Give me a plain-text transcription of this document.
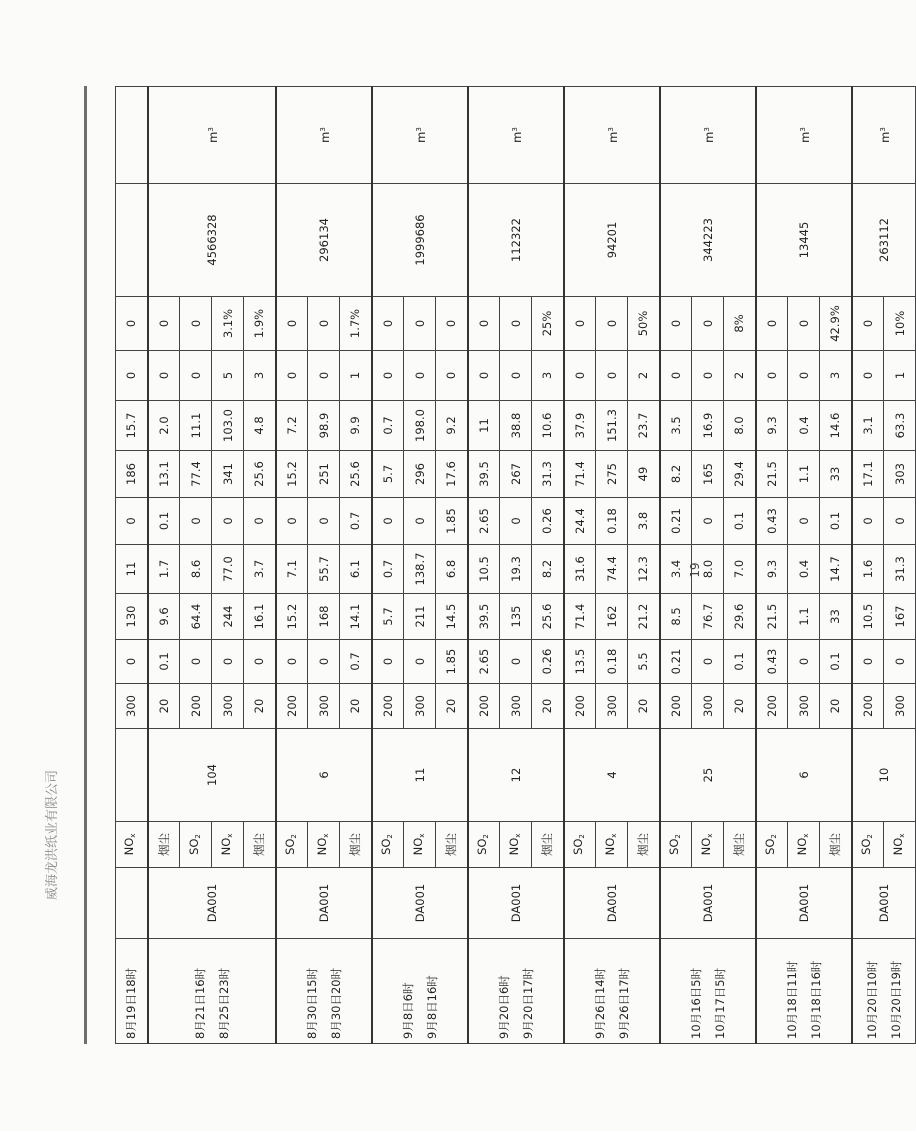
威海龙洪纸业有限公司
19
8月19日18时		$NO_x$		300	0	130	11	0	186	15.7	0	0		

8月21日16时 8月25日23时	DA001	烟尘	104	20	0.1	9.6	1.7	0.1	13.1	2.0	0	0	4566328	$m^3$
		$SO_2$		200	0	64.4	8.6	0	77.4	11.1	0	0		
		$NO_x$		300	0	244	77.0	0	341	103.0	5	3.1%		
		烟尘		20	0	16.1	3.7	0	25.6	4.8	3	1.9%		

8月30日15时 8月30日20时	DA001	$SO_2$	6	200	0	15.2	7.1	0	15.2	7.2	0	0	296134	$m^3$
		$NO_x$		300	0	168	55.7	0	251	98.9	0	0		
		烟尘		20	0.7	14.1	6.1	0.7	25.6	9.9	1	1.7%		

9月8日6时 9月8日16时	DA001	$SO_2$	11	200	0	5.7	0.7	0	5.7	0.7	0	0	1999686	$m^3$
		$NO_x$		300	0	211	138.7	0	296	198.0	0	0		
		烟尘		20	1.85	14.5	6.8	1.85	17.6	9.2	0	0		

9月20日6时 9月20日17时	DA001	$SO_2$	12	200	2.65	39.5	10.5	2.65	39.5	11	0	0	112322	$m^3$
		$NO_x$		300	0	135	19.3	0	267	38.8	0	0		
		烟尘		20	0.26	25.6	8.2	0.26	31.3	10.6	3	25%		

9月26日14时 9月26日17时	DA001	$SO_2$	4	200	13.5	71.4	31.6	24.4	71.4	37.9	0	0	94201	$m^3$
		$NO_x$		300	0.18	162	74.4	0.18	275	151.3	0	0		
		烟尘		20	5.5	21.2	12.3	3.8	49	23.7	2	50%		

10月16日5时 10月17日5时	DA001	$SO_2$	25	200	0.21	8.5	3.4	0.21	8.2	3.5	0	0	344223	$m^3$
		$NO_x$		300	0	76.7	8.0	0	165	16.9	0	0		
		烟尘		20	0.1	29.6	7.0	0.1	29.4	8.0	2	8%		

10月18日11时 10月18日16时	DA001	$SO_2$	6	200	0.43	21.5	9.3	0.43	21.5	9.3	0	0	13445	$m^3$
		$NO_x$		300	0	1.1	0.4	0	1.1	0.4	0	0		
		烟尘		20	0.1	33	14.7	0.1	33	14.6	3	42.9%		

10月20日10时 10月20日19时	DA001	$SO_2$	10	200	0	10.5	1.6	0	17.1	3.1	0	0	263112	$m^3$
		$NO_x$		300	0	167	31.3	0	303	63.3	1	10%		
